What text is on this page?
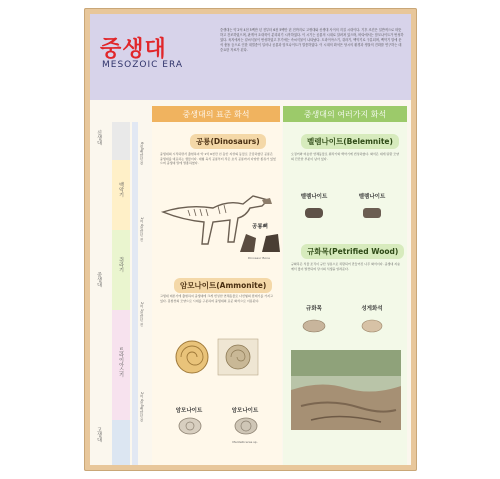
중생대
MESOZOIC ERA
중생대는 약 2억 4천 5백만 년 전부터 6천 5백만 년 전까지로 고생대와 신생대 사이의 지질 시대이다. 기후 조건은 일반적으로 따뜻하고 건조하였으며, 판게아 초대륙이 분리되기 시작하였다. 이 시기는 공룡의 시대로 알려져 있으며, 바다에서는 암모나이트가 번성하였다. 육지에서는 겉씨식물이 번성하였고 후기에는 속씨식물이 나타났다. 트라이아스기, 쥐라기, 백악기로 구분되며, 백악기 말에 운석 충돌 등으로 인한 대멸종이 일어나 공룡과 암모나이트가 멸종하였다. 이 시대의 화석은 당시의 환경과 생물의 진화를 연구하는 데 중요한 자료가 된다.
중생대의 표준 화석	중생대의 여러가지 화석
신생대
백악기
중생대
쥐라기
트라이아스기
고생대
6천5백만년 전
1억 4천만년 전
2억 1천만년 전
2억 4천5백만년 전
공룡(Dinosaurs)
중생대의 시작되면서 출현하여 약 1억 6천만 년 동안 지상의 동물로 군림하였던 공룡은 중생대를 대표하는 생물이다. 대형 육식 공룡부터 작은 초식 공룡까지 다양한 종류가 있었으며 중생대 말에 멸종하였다.
공룡뼈
Dinosaur Bone
암모나이트(Ammonite)
고생대 데본기에 출현하여 중생대에 크게 번성한 연체동물로 나선형의 껍데기를 가지고 있다. 봉합선의 모양으로 시대를 구분하며 중생대의 표준 화석으로 이용된다.
암모나이트	암모나이트
Mantelliceras sp.
벨렘나이트(Belemnite)
오징어와 비슷한 연체동물로 쥐라기와 백악기에 번성하였다. 화석은 대개 탄환 모양의 단단한 부분이 남아 있다.
벨렘나이트	벨렘나이트
규화목(Petrified Wood)
규화목은 식물 조직이 규산 성분으로 치환되어 만들어진 나무 화석이다. 중생대 지층에서 많이 발견되며 당시의 식생을 알려준다.
규화목	성게화석
